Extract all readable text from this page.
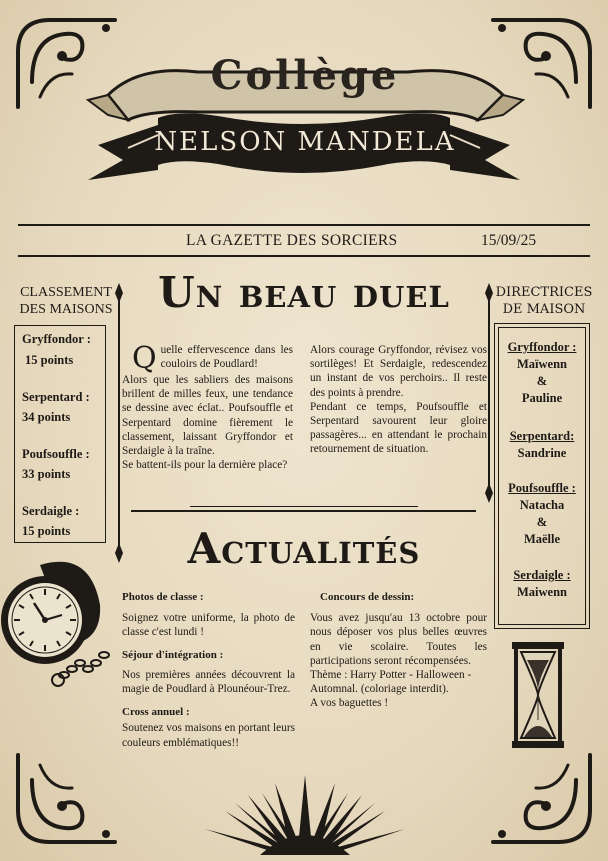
Collège
NELSON MANDELA
LA GAZETTE DES SORCIERS	15/09/25
CLASSEMENT
DES MAISONS
Gryffondor :
15 points
Serpentard :
34 points
Poufsouffle :
33 points
Serdaigle :
15 points
Un beau duel
Q uelle effervescence dans les couloirs de Poudlard!
Alors que les sabliers des maisons brillent de milles feux, une tendance se dessine avec éclat.. Poufsouffle et Serpentard domine fièrement le classement, laissant Gryffondor et Serdaigle à la traîne.
Se battent-ils pour la dernière place?
Alors courage Gryffondor, révisez vos sortilèges! Et Serdaigle, redescendez un instant de vos perchoirs.. Il reste des points à prendre.
Pendant ce temps, Poufsouffle et Serpentard savourent leur gloire passagères... en attendant le prochain retournement de situation.
Actualités
Photos de classe :
Soignez votre uniforme, la photo de classe c'est lundi !
Séjour d'intégration :
Nos premières années découvrent la magie de Poudlard à Plounéour-Trez.
Cross annuel :
Soutenez vos maisons en portant leurs couleurs emblématiques!!
Concours de dessin:
Vous avez jusqu'au 13 octobre pour nous déposer vos plus belles œuvres en vie scolaire. Toutes les participations seront récompensées.
Thème : Harry Potter - Halloween - Automnal. (coloriage interdit).
A vos baguettes !
DIRECTRICES
DE MAISON
Gryffondor :
Maïwenn
&
Pauline
Serpentard:
Sandrine
Poufsouffle :
Natacha
&
Maëlle
Serdaigle :
Maiwenn
